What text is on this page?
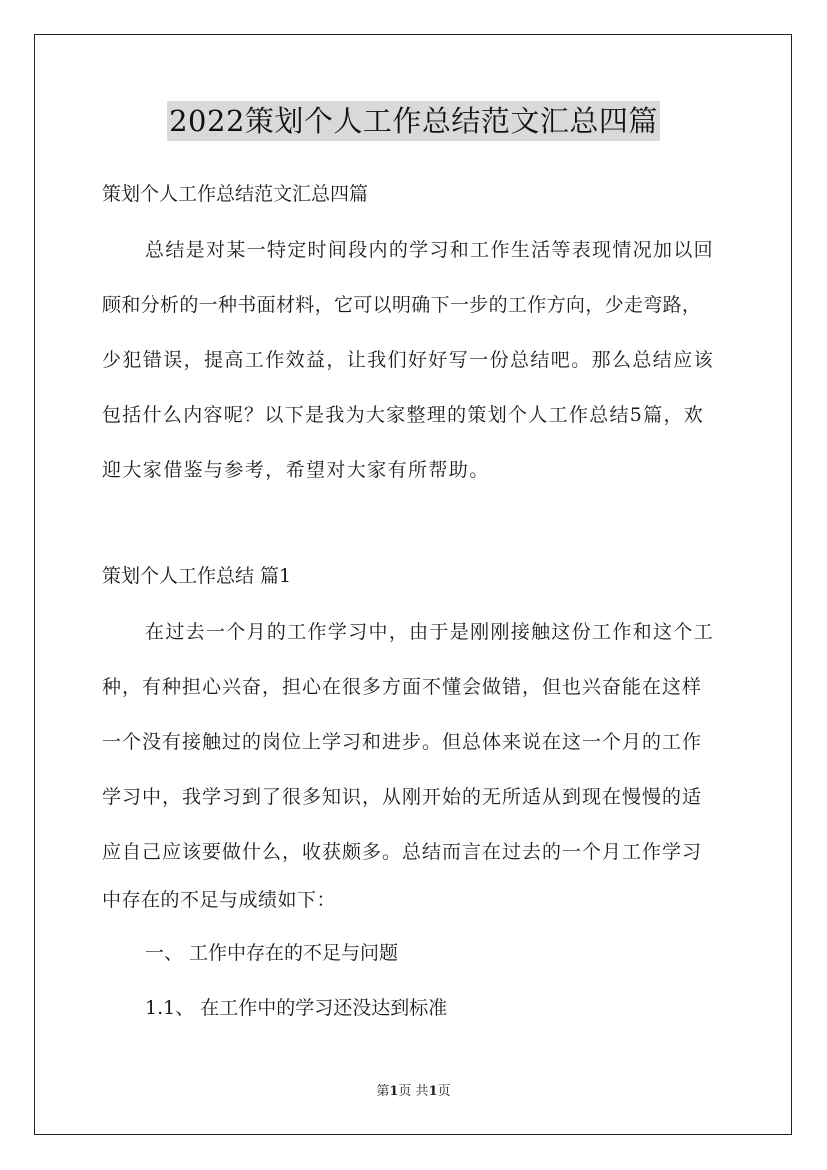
2022策划个人工作总结范文汇总四篇
策划个人工作总结范文汇总四篇
总结是对某一特定时间段内的学习和工作生活等表现情况加以回
顾和分析的一种书面材料，它可以明确下一步的工作方向，少走弯路，
少犯错误，提高工作效益，让我们好好写一份总结吧。那么总结应该
包括什么内容呢？以下是我为大家整理的策划个人工作总结5篇，欢
迎大家借鉴与参考，希望对大家有所帮助。
策划个人工作总结 篇1
在过去一个月的工作学习中，由于是刚刚接触这份工作和这个工
种，有种担心兴奋，担心在很多方面不懂会做错，但也兴奋能在这样
一个没有接触过的岗位上学习和进步。但总体来说在这一个月的工作
学习中，我学习到了很多知识，从刚开始的无所适从到现在慢慢的适
应自己应该要做什么，收获颇多。总结而言在过去的一个月工作学习
中存在的不足与成绩如下：
一、 工作中存在的不足与问题
1.1、 在工作中的学习还没达到标准
第1页 共1页
